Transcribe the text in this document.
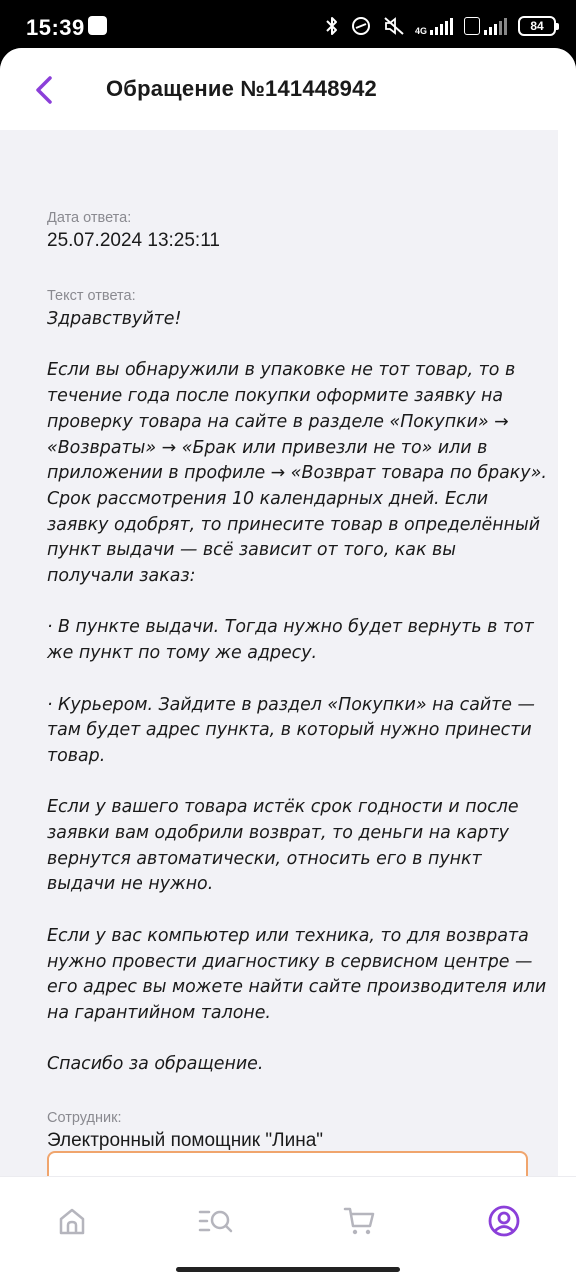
15:39	4G	84
Обращение №141448942
Дата ответа:
25.07.2024 13:25:11
Текст ответа:

Здравствуйте!

Если вы обнаружили в упаковке не тот товар, то в течение года после покупки оформите заявку на проверку товара на сайте в разделе «Покупки» → «Возвраты» → «Брак или привезли не то» или в приложении в профиле → «Возврат товара по браку». Срок рассмотрения 10 календарных дней. Если заявку одобрят, то принесите товар в определённый пункт выдачи — всё зависит от того, как вы получали заказ:

· В пункте выдачи. Тогда нужно будет вернуть в тот же пункт по тому же адресу.

· Курьером. Зайдите в раздел «Покупки» на сайте — там будет адрес пункта, в который нужно принести товар.

Если у вашего товара истёк срок годности и после заявки вам одобрили возврат, то деньги на карту вернутся автоматически, относить его в пункт выдачи не нужно.

Если у вас компьютер или техника, то для возврата нужно провести диагностику в сервисном центре — его адрес вы можете найти сайте производителя или на гарантийном талоне.

Спасибо за обращение.

Сотрудник:
Электронный помощник "Лина"
